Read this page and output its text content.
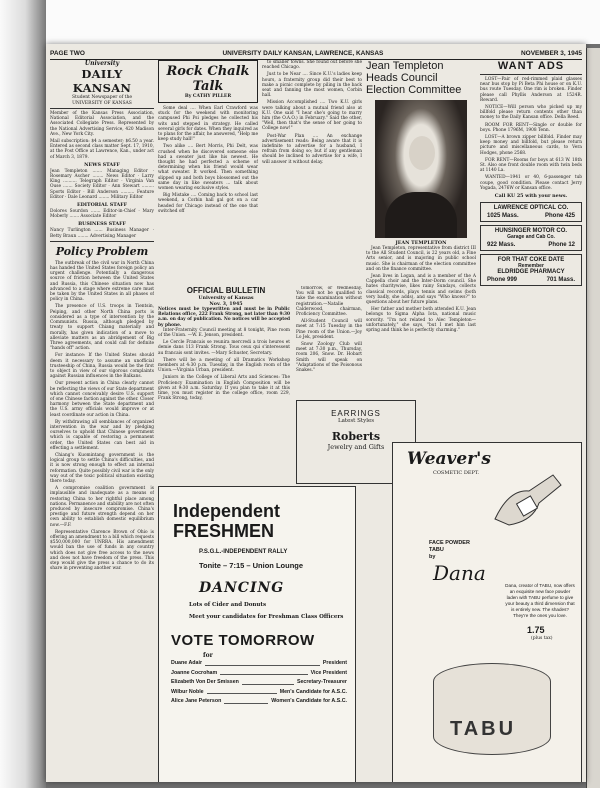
PAGE TWO	UNIVERSITY DAILY KANSAN, LAWRENCE, KANSAS	NOVEMBER 3, 1945
University
DAILY KANSAN
Student Newspaper of the
UNIVERSITY OF KANSAS
Member of the Kansas Press Association, National Editorial Association, and the Associated Collegiate Press. Represented by the National Advertising Service, 420 Madison Ave., New York City.
Mail subscription: $4 a semester; $6.50 a year. Entered as second class matter Sept. 17, 1910, at the Post Office at Lawrence, Kan., under act of March 3, 1879.
NEWS STAFF
Jean Templeton ....... Managing Editor · Rosemary Ascher ........ News Editor · Larry King .......... Telegraph Editor · Virginia Van Ouse ....... Society Editor · Ann Stewart ......... Sports Editor · Bill Anderson .......... Feature Editor · Dale Leonard ........ Military Editor
EDITORIAL STAFF
Dolores Sourdon ....... Editor-in-Chief · Mary Moberly ....... Associate Editor
BUSINESS STAFF
Nancy Turlington ...... Business Manager · Betty Braun ........ Advertising Manager
Policy Problem

The outbreak of the civil war in North China has handed the United States foreign policy an urgent challenge. Potentially a dangerous source of friction between the United States and Russia, this Chinese situation now has advanced to a stage where extreme care must be taken by the United States in all phases of policy in China.

The presence of U.S. troops in Tientsin, Peiping, and other North China ports is considered as a type of intervention by the Communists. Russia, although pledged by treaty to support Chiang materially and morally, has given indication of a move to alleviate matters as an abridgement of Big Three agreements, and could call for definite "hands off" action.

For instance: If the United States should deem it necessary to assume an unofficial trusteeship of China, Russia would be the first to object in view of our vigorous complaints against Russian influences in the Balkans.

Our present action in China clearly cannot be reflecting the views of our State department which cannot conceivably desire U.S. support of one Chinese faction against the other. Closer harmony between the State department and the U.S. army officials would improve or at least coordinate our action in China.

By withdrawing all semblances of organized intervention in the war and by pledging ourselves to uphold that Chinese government which is capable of restoring a permanent order, the United States can best aid in effecting a settlement.

Chiang's Kuomintang government is the logical group to settle China's difficulties, and it is now strong enough to effect an internal reformation. Quite possibly civil war is the only way out of the toxic political situation existing there today.

A compromise coalition government is implausible and inadequate as a means of restoring China to her rightful place among nations. Permanence and stability are not often produced by insecure compromise. China's prestige and future strength depend on her own ability to establish domestic equilibrium now.—F.F.

Representative Clarence Brown of Ohio is offering an amendment to a bill which requests $550,000,000 for UNRRA. His amendment would ban the use of funds in any country which does not give free access to the news and does not have freedom of the press. This step would give the press a chance to do its share in preventing another war.

Rock Chalk Talk
By CATHY PILLER

Some deal .... When Earl Crawford was stuck for the weekend with monitoring campused Phi Psi pledges he collected his wits and stepped in strategy. He called several girls for dates. When they inquired as to plans for the affair, he answered, "Help me keep study hall!"

Two alike .... Bert Morris, Phi Delt, was crushed when he discovered someone else had a sweater just like his newest. He thought he had perfected a scheme of determining when his friend would wear what sweater. It worked. Then something slipped up and both boys blossomed out the same day in like sweaters ... talk about women wearing exclusive styles.

Big Mistake .... Coming back to school last weekend, a Corbin hall gal got on a car headed for Chicago instead of the one that switched off

to smaller towns. She found out before she reached Chicago.

Just to be Near .... Since K.U.'s ladies keep hours, a fraternity group did their best to make a picnic complete by piling in the back seat and fanning the most women, Corbin hall.

Mission Accomplished .... Two K.U. girls were talking about a mutual friend also at K.U. One said "I hear she's going to marry him (the O.A.O.) in February." Said the other, "Well, then that's the sense of her going to College now!"

Post-War Plan .... An exchange advertisement reads: Being aware that it is indefinite to advertise for a husband, I refrain from doing so; but if any gentleman should be inclined to advertise for a wife, I will answer it without delay.

Jean Templeton Heads Council Election Committee
JEAN TEMPLETON

Jean Templeton, representative from district III to the All Student Council, is 22 years old, a Fine Arts senior, and is majoring in public school music. She is chairman of the election committee and on the finance committee.

Jean lives in Logan, and is a member of the A Cappella choir and the Inter-Dorm council. She hates charitywise, likes rainy Sundays, collects classical records, plays tennis and swims (both very badly, she adds), and says "Who knows?" to questions about her future plans.

Her father and mother both attended K.U. Jean belongs to Sigma Alpha Iota, national music sorority. "I'm not related to Alec Templeton—unfortunately," she says, "but I met him last spring and think he is perfectly charming."

OFFICIAL BULLETIN
University of Kansas
Nov. 3, 1945
Notices must be typewritten and must be in Public Relations office, 222 Frank Strong, not later than 9:30 a.m. on day of publication. No notices will be accepted by phone.

Inter-Fraternity Council meeting at 8 tonight, Pine room of the Union. —W. E. Jenson, president.

Le Cercle Francais se reunira mercredi a trois heures et demie dans 113 Frank Strong. Tous ceux qui s'interessent au francais sont invites. —Mary Schuster, Secretary.

There will be a meeting of all Dramatics Workshop members at 4:30 p.m. Tuesday, in the English room of the Union.—Virginia Urban, president.

Juniors in the College of Liberal Arts and Sciences: The Proficiency Examination in English Composition will be given at 9:30 a.m. Saturday. If you plan to take it at this time, you must register in the college office, room 229, Frank Strong, today,

tomorrow, or Wednesday. You will not be qualified to take the examination without registration.—Natalie Calderwood, chairman, Proficiency Committee.

All-Student Council will meet at 7:15 Tuesday in the Pine room of the Union.—Joy Lo Jek, president.

Snow Zoology Club will meet at 7:30 p.m., Thursday, room 206, Snow. Dr. Hobart Smith will speak on "Adaptations of the Poisonous Snakes."

EARRINGS
Latest Styles
Roberts
Jewelry and Gifts
Independent
FRESHMEN
P.S.G.L.-INDEPENDENT RALLY
Tonite – 7:15 – Union Lounge
DANCING
Lots of Cider and Donuts
Meet your candidates for Freshman Class Officers
VOTE TOMORROW
for
Duane Adair	President
Joanne Cocroham	Vice President
Elizabeth Von Der Smissen	Secretary-Treasurer
Wilbur Noble	Men's Candidate for A.S.C.
Alice Jane Peterson	Women's Candidate for A.S.C.
Weaver's
COSMETIC DEPT.
FACE POWDER
TABU
by
Dana
Dana, creator of TABU, now offers an exquisite new face powder laden with TABU perfume to give your beauty a third dimension that is entirely new. The shades? They're the ones you love.
1.75
(plus tax)
TABU
WANT ADS

LOST—Pair of red-rimmed plaid glasses near bus stop by Pi Beta Phi house or on K.U. bus route Tuesday. One rim is broken. Finder please call Phyllis Anderson at 1524R. Reward.

NOTICE—Will person who picked up my billfold please return contents other than money to the Daily Kansan office. Della Reed.

ROOM FOR RENT—Single or double for boys. Phone 1796M, 1908 Tenn.

LOST—A brown zipper billfold. Finder may keep money and billfold, but please return picture and miscellaneous cards, to Vera Hodges, phone 2568.

FOR RENT—Rooms for boys at 613 W. 18th St. Also one front double room with twin beds at 1140 La.

WANTED—1941 or 40, 6-passenger tub coupe, good condition. Please contact Jerry Yogada, 2476W or Kansan office.

Call KU 25 with your news.
LAWRENCE OPTICAL CO.
1025 Mass.	Phone 425
HUNSINGER MOTOR CO.
Garage and Cab Co.
922 Mass.	Phone 12
FOR THAT COKE DATE
Remember
ELDRIDGE PHARMACY
Phone 999	701 Mass.
